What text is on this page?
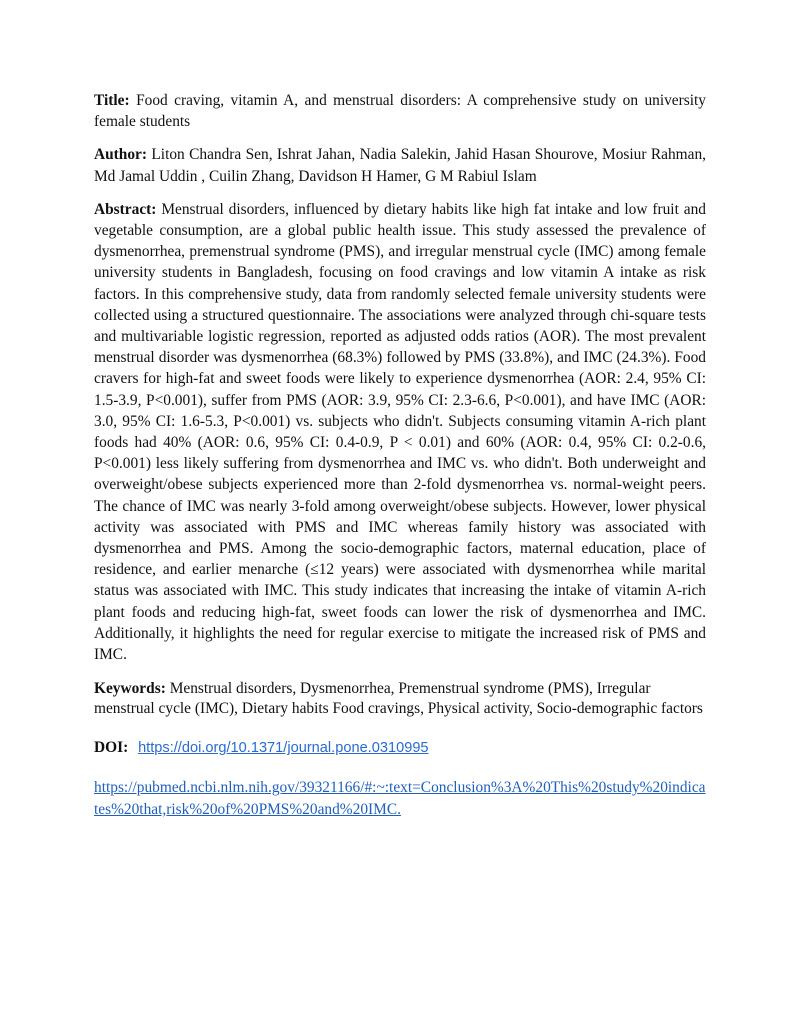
Title: Food craving, vitamin A, and menstrual disorders: A comprehensive study on university female students

Author: Liton Chandra Sen, Ishrat Jahan, Nadia Salekin, Jahid Hasan Shourove, Mosiur Rahman, Md Jamal Uddin , Cuilin Zhang, Davidson H Hamer, G M Rabiul Islam

Abstract: Menstrual disorders, influenced by dietary habits like high fat intake and low fruit and vegetable consumption, are a global public health issue. This study assessed the prevalence of dysmenorrhea, premenstrual syndrome (PMS), and irregular menstrual cycle (IMC) among female university students in Bangladesh, focusing on food cravings and low vitamin A intake as risk factors. In this comprehensive study, data from randomly selected female university students were collected using a structured questionnaire. The associations were analyzed through chi-square tests and multivariable logistic regression, reported as adjusted odds ratios (AOR). The most prevalent menstrual disorder was dysmenorrhea (68.3%) followed by PMS (33.8%), and IMC (24.3%). Food cravers for high-fat and sweet foods were likely to experience dysmenorrhea (AOR: 2.4, 95% CI: 1.5-3.9, P<0.001), suffer from PMS (AOR: 3.9, 95% CI: 2.3-6.6, P<0.001), and have IMC (AOR: 3.0, 95% CI: 1.6-5.3, P<0.001) vs. subjects who didn't. Subjects consuming vitamin A-rich plant foods had 40% (AOR: 0.6, 95% CI: 0.4-0.9, P < 0.01) and 60% (AOR: 0.4, 95% CI: 0.2-0.6, P<0.001) less likely suffering from dysmenorrhea and IMC vs. who didn't. Both underweight and overweight/obese subjects experienced more than 2-fold dysmenorrhea vs. normal-weight peers. The chance of IMC was nearly 3-fold among overweight/obese subjects. However, lower physical activity was associated with PMS and IMC whereas family history was associated with dysmenorrhea and PMS. Among the socio-demographic factors, maternal education, place of residence, and earlier menarche (≤12 years) were associated with dysmenorrhea while marital status was associated with IMC. This study indicates that increasing the intake of vitamin A-rich plant foods and reducing high-fat, sweet foods can lower the risk of dysmenorrhea and IMC. Additionally, it highlights the need for regular exercise to mitigate the increased risk of PMS and IMC.

Keywords: Menstrual disorders, Dysmenorrhea, Premenstrual syndrome (PMS), Irregular menstrual cycle (IMC), Dietary habits Food cravings, Physical activity, Socio-demographic factors

DOI: https://doi.org/10.1371/journal.pone.0310995

https://pubmed.ncbi.nlm.nih.gov/39321166/#:~:text=Conclusion%3A%20This%20study%20indicates%20that,risk%20of%20PMS%20and%20IMC.
